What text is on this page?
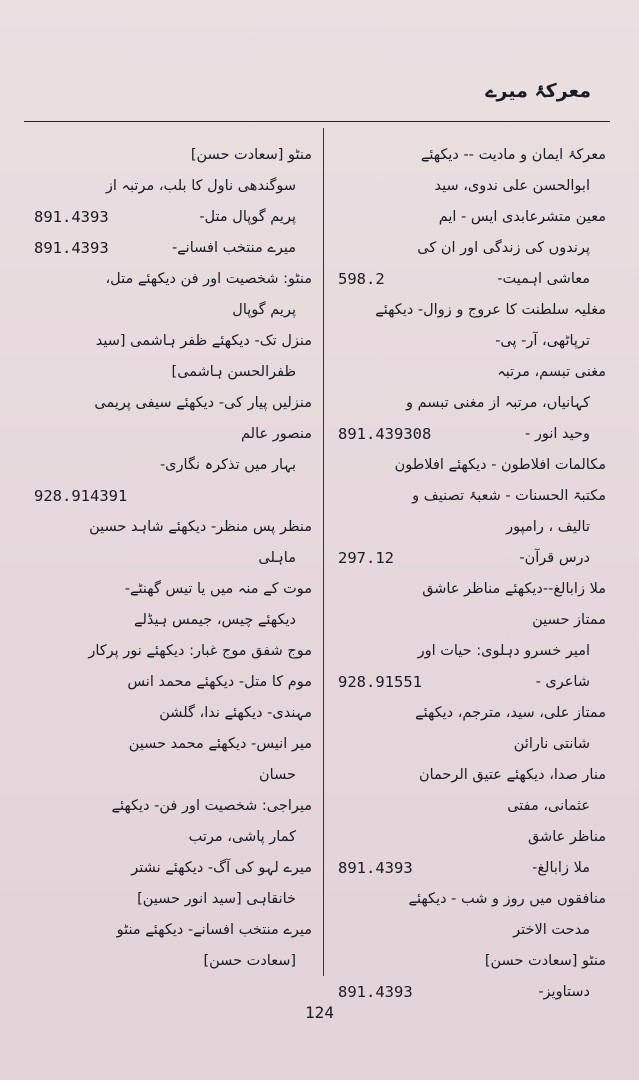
معرکۂ میرے
معرکۂ ایمان و مادیت -- دیکھئے
ابوالحسن علی ندوی، سید
معین متشرعابدی ایس - ایم
پرندوں کی زندگی اور ان کی
معاشی اہمیت-
598.2
مغلیہ سلطنت کا عروج و زوال- دیکھئے
ترپاٹھی، آر- پی-
مغنی تبسم، مرتبہ
کہانیاں، مرتبہ از مغنی تبسم و
وحید انور -
891.439308
مکالمات افلاطون - دیکھئے افلاطون
مکتبۃ الحسنات - شعبۂ تصنیف و
تالیف ، رامپور
درس قرآن-
297.12
ملا زابالغ--دیکھئے مناظر عاشق
ممتاز حسین
امیر خسرو دہلوی: حیات اور
شاعری -
928.91551
ممتاز علی، سید، مترجم، دیکھئے
شانتی نارائن
منار صدا، دیکھئے عتیق الرحمان
عثمانی، مفتی
مناظر عاشق
ملا زابالغ-
891.4393
منافقوں میں روز و شب - دیکھئے
مدحت الاختر
منٹو [سعادت حسن]
دستاویز-
891.4393
منٹو [سعادت حسن]
سوگندھی ناول کا بلب، مرتبہ از
پریم گوپال متل-
891.4393
میرے منتخب افسانے-
891.4393
منٹو: شخصیت اور فن دیکھئے متل،
پریم گوپال
منزل تک- دیکھئے ظفر ہاشمی [سید
ظفرالحسن ہاشمی]
منزلیں پیار کی- دیکھئے سیفی پریمی
منصور عالم
بہار میں تذکرہ نگاری-
928.914391
منظر پس منظر- دیکھئے شاہد حسین
ماہلی
موت کے منہ میں یا تیس گھنٹے-
دیکھئے چیس، جیمس ہیڈلے
موج شفق موج غبار: دیکھئے نور پرکار
موم کا متل- دیکھئے محمد انس
مہندی- دیکھئے ندا، گلشن
میر انیس- دیکھئے محمد حسین
حسان
میراجی: شخصیت اور فن- دیکھئے
کمار پاشی، مرتب
میرے لہو کی آگ- دیکھئے نشتر
خانقاہی [سید انور حسین]
میرے منتخب افسانے- دیکھئے منٹو
[سعادت حسن]
124
